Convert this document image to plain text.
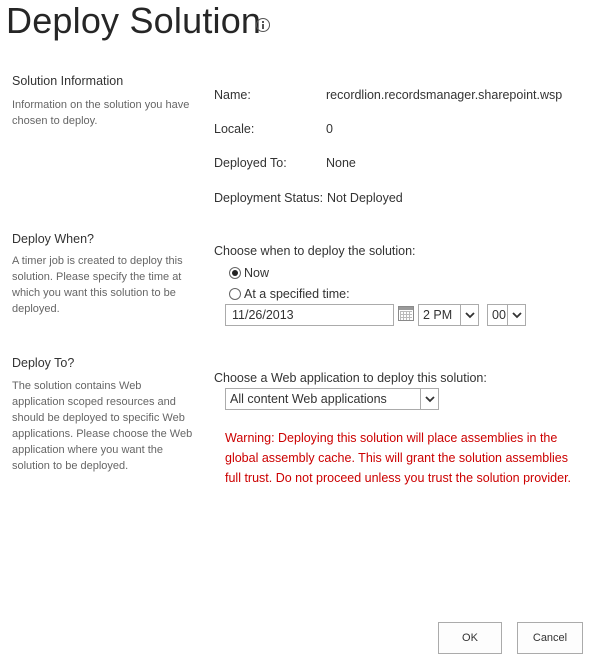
Deploy Solution
Solution Information
Information on the solution you have chosen to deploy.
Name:	recordlion.recordsmanager.sharepoint.wsp
Locale:	0
Deployed To:	None
Deployment Status: Not Deployed
Deploy When?
A timer job is created to deploy this solution. Please specify the time at which you want this solution to be deployed.
Choose when to deploy the solution:
Now
At a specified time:
11/26/2013	2 PM	00
Deploy To?
The solution contains Web application scoped resources and should be deployed to specific Web applications. Please choose the Web application where you want the solution to be deployed.
Choose a Web application to deploy this solution:
All content Web applications
Warning: Deploying this solution will place assemblies in the global assembly cache. This will grant the solution assemblies full trust. Do not proceed unless you trust the solution provider.
OK	Cancel
